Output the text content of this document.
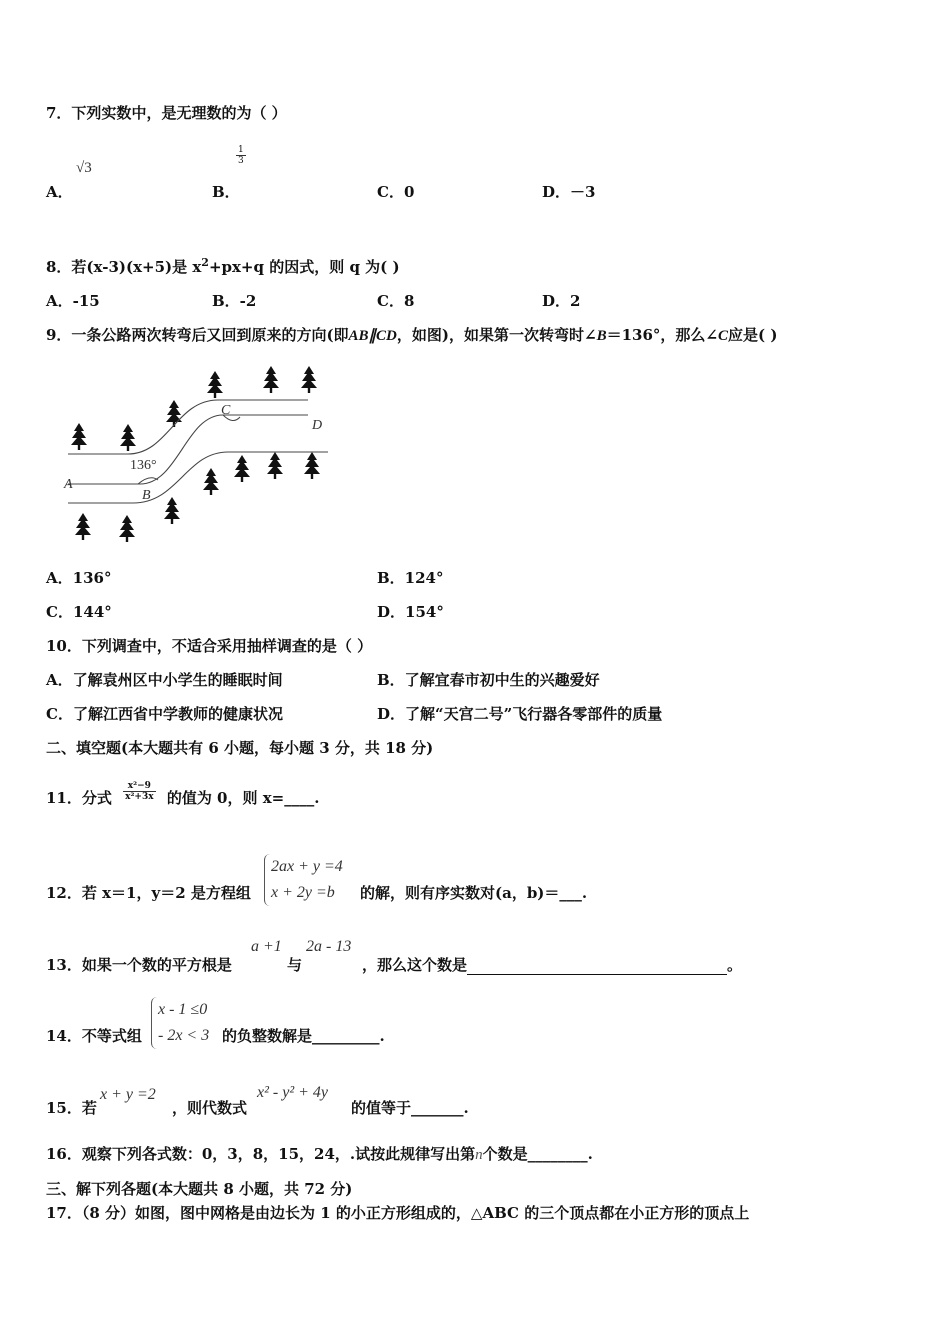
7．下列实数中，是无理数的为（ ）
√3
A．
$\frac{1}{3}$
B．	C．0	D．－3
8．若(x-3)(x+5)是 $x^2+px+q$ 的因式，则 q 为( )
A．-15	B．-2	C．8	D．2
9．一条公路两次转弯后又回到原来的方向(即AB∥CD，如图)，如果第一次转弯时∠B＝136°，那么∠C应是( )
136°
A
B
C
D
A．136°	B．124°
C．144°	D．154°
10．下列调查中，不适合采用抽样调查的是（ ）
A．了解袁州区中小学生的睡眠时间	B．了解宜春市初中生的兴趣爱好
C．了解江西省中学教师的健康状况	D．了解“天宫二号”飞行器各零部件的质量
二、填空题(本大题共有 6 小题，每小题 3 分，共 18 分)
11．分式 $\frac{\text{x²−9}}{\text{x²+3x}}$ 的值为 0，则 x=____.
12．若 x＝1，y＝2 是方程组
2ax + y =4
x + 2y =b	的解，则有序实数对(a，b)＝___.
13．如果一个数的平方根是
a +1
与
2a - 13
，那么这个数是	。
14．不等式组
x - 1 ≤0
- 2x < 3 的负整数解是_________.
15．若
x + y =2
，则代数式
x² - y² + 4y
的值等于_______.
16．观察下列各式数：0，3，8，15，24，.试按此规律写出第n个数是________.
三、解下列各题(本大题共 8 小题，共 72 分)
17．（8 分）如图，图中网格是由边长为 1 的小正方形组成的，△ABC 的三个顶点都在小正方形的顶点上
